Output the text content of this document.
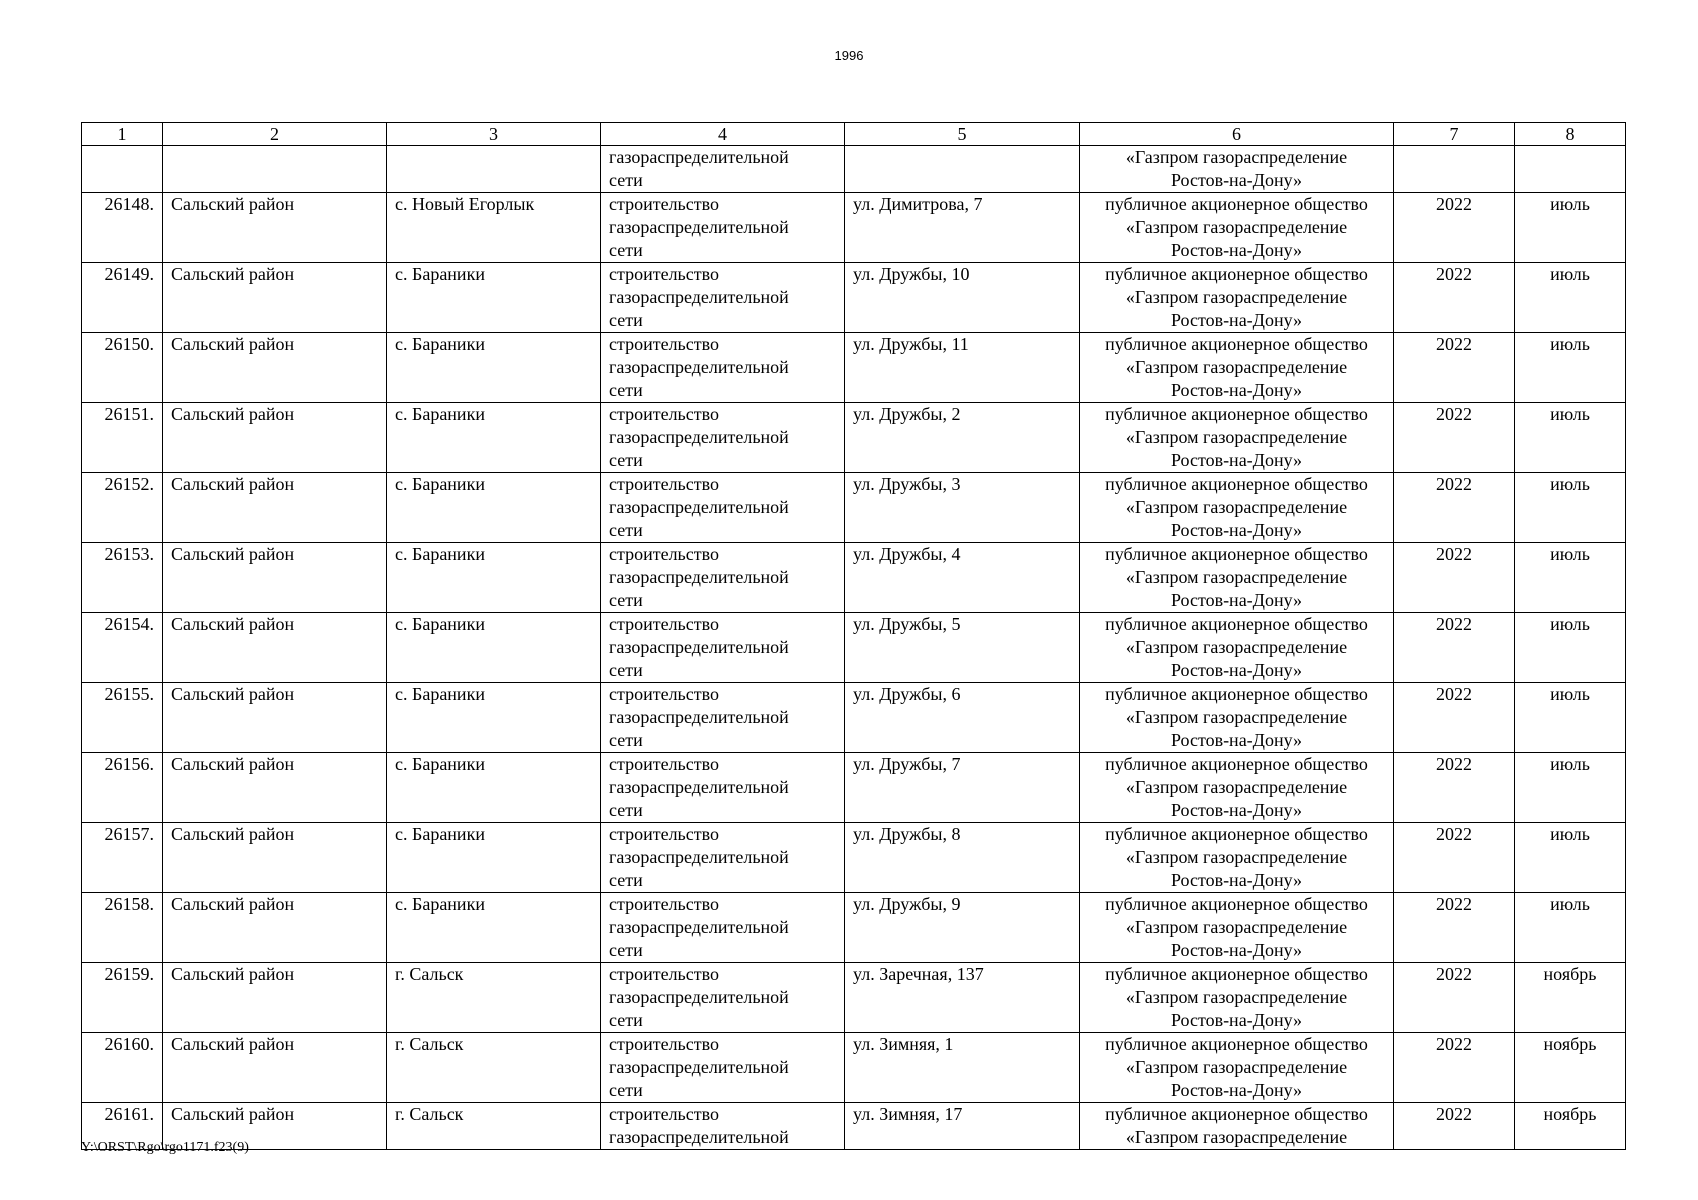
1996
1	2	3	4	5	6	7	8
			газораспределительной
сети		«Газпром газораспределение
Ростов-на-Дону»		
26148.	Сальский район	с. Новый Егорлык	строительство
газораспределительной
сети	ул. Димитрова, 7	публичное акционерное общество
«Газпром газораспределение
Ростов-на-Дону»	2022	июль
26149.	Сальский район	с. Бараники	строительство
газораспределительной
сети	ул. Дружбы, 10	публичное акционерное общество
«Газпром газораспределение
Ростов-на-Дону»	2022	июль
26150.	Сальский район	с. Бараники	строительство
газораспределительной
сети	ул. Дружбы, 11	публичное акционерное общество
«Газпром газораспределение
Ростов-на-Дону»	2022	июль
26151.	Сальский район	с. Бараники	строительство
газораспределительной
сети	ул. Дружбы, 2	публичное акционерное общество
«Газпром газораспределение
Ростов-на-Дону»	2022	июль
26152.	Сальский район	с. Бараники	строительство
газораспределительной
сети	ул. Дружбы, 3	публичное акционерное общество
«Газпром газораспределение
Ростов-на-Дону»	2022	июль
26153.	Сальский район	с. Бараники	строительство
газораспределительной
сети	ул. Дружбы, 4	публичное акционерное общество
«Газпром газораспределение
Ростов-на-Дону»	2022	июль
26154.	Сальский район	с. Бараники	строительство
газораспределительной
сети	ул. Дружбы, 5	публичное акционерное общество
«Газпром газораспределение
Ростов-на-Дону»	2022	июль
26155.	Сальский район	с. Бараники	строительство
газораспределительной
сети	ул. Дружбы, 6	публичное акционерное общество
«Газпром газораспределение
Ростов-на-Дону»	2022	июль
26156.	Сальский район	с. Бараники	строительство
газораспределительной
сети	ул. Дружбы, 7	публичное акционерное общество
«Газпром газораспределение
Ростов-на-Дону»	2022	июль
26157.	Сальский район	с. Бараники	строительство
газораспределительной
сети	ул. Дружбы, 8	публичное акционерное общество
«Газпром газораспределение
Ростов-на-Дону»	2022	июль
26158.	Сальский район	с. Бараники	строительство
газораспределительной
сети	ул. Дружбы, 9	публичное акционерное общество
«Газпром газораспределение
Ростов-на-Дону»	2022	июль
26159.	Сальский район	г. Сальск	строительство
газораспределительной
сети	ул. Заречная, 137	публичное акционерное общество
«Газпром газораспределение
Ростов-на-Дону»	2022	ноябрь
26160.	Сальский район	г. Сальск	строительство
газораспределительной
сети	ул. Зимняя, 1	публичное акционерное общество
«Газпром газораспределение
Ростов-на-Дону»	2022	ноябрь
26161.	Сальский район	г. Сальск	строительство
газораспределительной	ул. Зимняя, 17	публичное акционерное общество
«Газпром газораспределение	2022	ноябрь
Y:\ORST\Rgo\rgo1171.f23(9)
